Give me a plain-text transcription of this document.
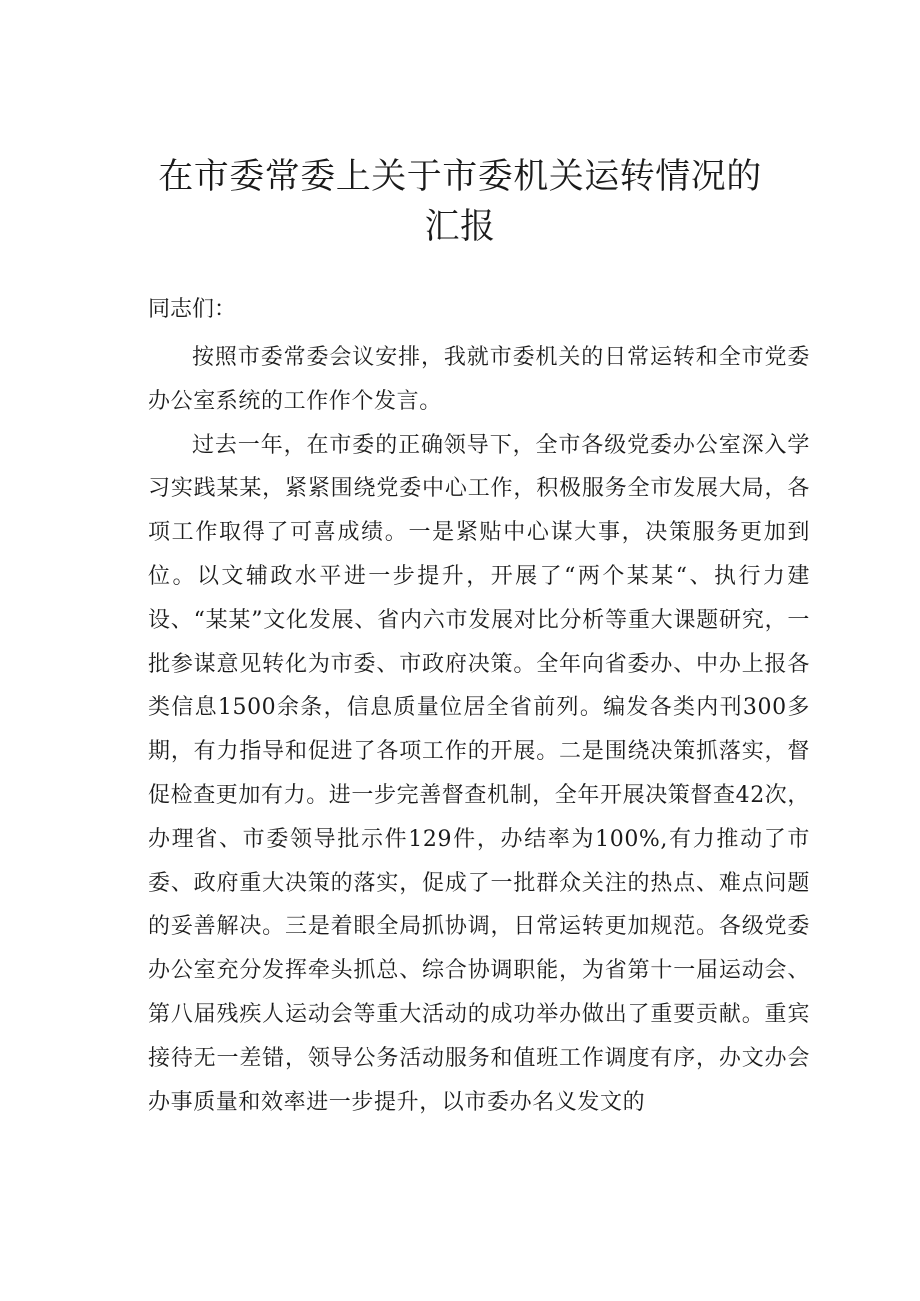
在市委常委上关于市委机关运转情况的
汇报

同志们：

按照市委常委会议安排，我就市委机关的日常运转和全市党委办公室系统的工作作个发言。

过去一年，在市委的正确领导下，全市各级党委办公室深入学习实践某某，紧紧围绕党委中心工作，积极服务全市发展大局，各项工作取得了可喜成绩。一是紧贴中心谋大事，决策服务更加到位。以文辅政水平进一步提升，开展了“两个某某“、执行力建设、“某某”文化发展、省内六市发展对比分析等重大课题研究，一批参谋意见转化为市委、市政府决策。全年向省委办、中办上报各类信息1500余条，信息质量位居全省前列。编发各类内刊300多期，有力指导和促进了各项工作的开展。二是围绕决策抓落实，督促检查更加有力。进一步完善督查机制，全年开展决策督查42次，办理省、市委领导批示件129件，办结率为100%,有力推动了市委、政府重大决策的落实，促成了一批群众关注的热点、难点问题的妥善解决。三是着眼全局抓协调，日常运转更加规范。各级党委办公室充分发挥牵头抓总、综合协调职能，为省第十一届运动会、第八届残疾人运动会等重大活动的成功举办做出了重要贡献。重宾接待无一差错，领导公务活动服务和值班工作调度有序，办文办会办事质量和效率进一步提升，以市委办名义发文的
